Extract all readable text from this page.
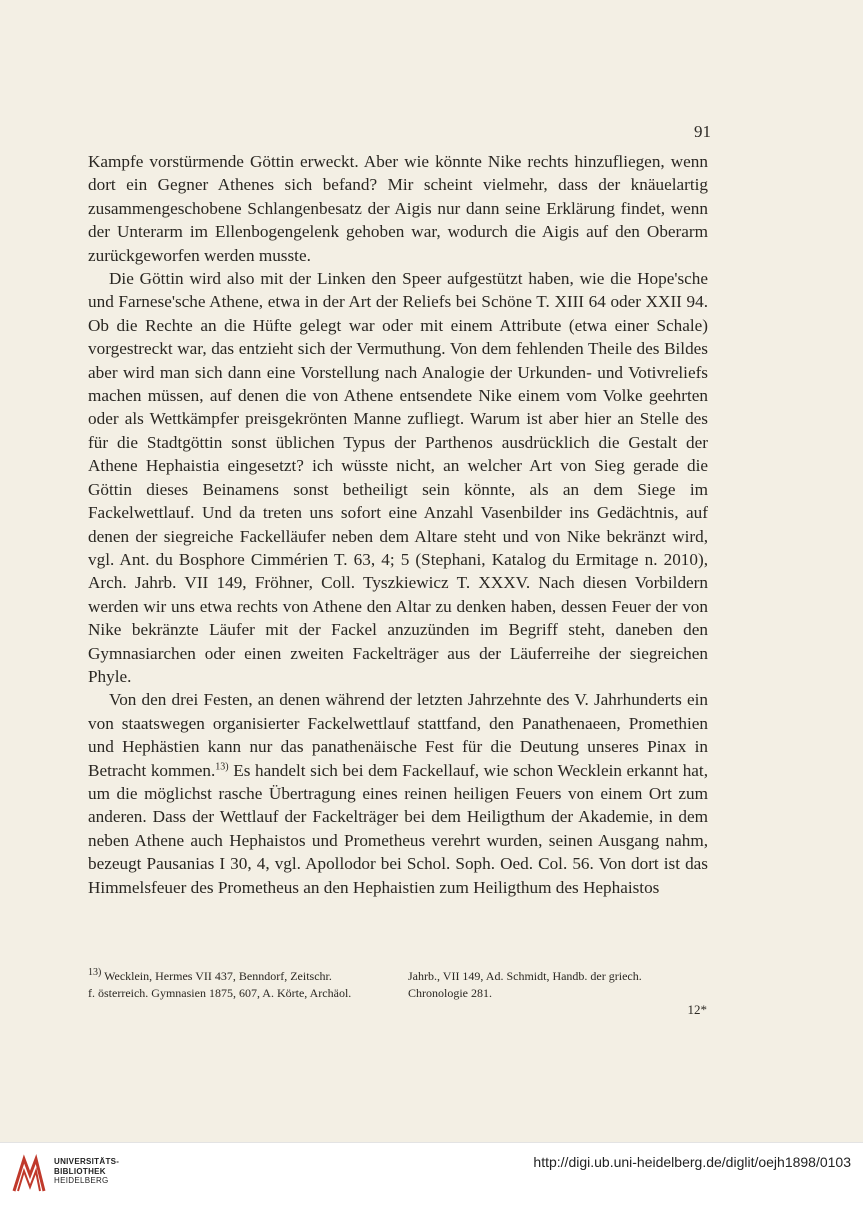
91

Kampfe vorstürmende Göttin erweckt. Aber wie könnte Nike rechts hinzufliegen, wenn dort ein Gegner Athenes sich befand? Mir scheint vielmehr, dass der knäuelartig zusammengeschobene Schlangenbesatz der Aigis nur dann seine Erklärung findet, wenn der Unterarm im Ellenbogengelenk gehoben war, wodurch die Aigis auf den Oberarm zurückgeworfen werden musste.

Die Göttin wird also mit der Linken den Speer aufgestützt haben, wie die Hope'sche und Farnese'sche Athene, etwa in der Art der Reliefs bei Schöne T. XIII 64 oder XXII 94. Ob die Rechte an die Hüfte gelegt war oder mit einem Attribute (etwa einer Schale) vorgestreckt war, das entzieht sich der Vermuthung. Von dem fehlenden Theile des Bildes aber wird man sich dann eine Vorstellung nach Analogie der Urkunden- und Votivreliefs machen müssen, auf denen die von Athene entsendete Nike einem vom Volke geehrten oder als Wettkämpfer preisgekrönten Manne zufliegt. Warum ist aber hier an Stelle des für die Stadtgöttin sonst üblichen Typus der Parthenos ausdrücklich die Gestalt der Athene Hephaistia eingesetzt? ich wüsste nicht, an welcher Art von Sieg gerade die Göttin dieses Beinamens sonst betheiligt sein könnte, als an dem Siege im Fackelwettlauf. Und da treten uns sofort eine Anzahl Vasenbilder ins Gedächtnis, auf denen der siegreiche Fackelläufer neben dem Altare steht und von Nike bekränzt wird, vgl. Ant. du Bosphore Cimmérien T. 63, 4; 5 (Stephani, Katalog du Ermitage n. 2010), Arch. Jahrb. VII 149, Fröhner, Coll. Tyszkiewicz T. XXXV. Nach diesen Vorbildern werden wir uns etwa rechts von Athene den Altar zu denken haben, dessen Feuer der von Nike bekränzte Läufer mit der Fackel anzuzünden im Begriff steht, daneben den Gymnasiarchen oder einen zweiten Fackelträger aus der Läuferreihe der siegreichen Phyle.

Von den drei Festen, an denen während der letzten Jahrzehnte des V. Jahrhunderts ein von staatswegen organisierter Fackelwettlauf stattfand, den Panathenaeen, Promethien und Hephästien kann nur das panathenäische Fest für die Deutung unseres Pinax in Betracht kommen.$^{13)}$ Es handelt sich bei dem Fackellauf, wie schon Wecklein erkannt hat, um die möglichst rasche Übertragung eines reinen heiligen Feuers von einem Ort zum anderen. Dass der Wettlauf der Fackelträger bei dem Heiligthum der Akademie, in dem neben Athene auch Hephaistos und Prometheus verehrt wurden, seinen Ausgang nahm, bezeugt Pausanias I 30, 4, vgl. Apollodor bei Schol. Soph. Oed. Col. 56. Von dort ist das Himmelsfeuer des Prometheus an den Hephaistien zum Heiligthum des Hephaistos

$^{13)}$ Wecklein, Hermes VII 437, Benndorf, Zeitschr.	Jahrb., VII 149, Ad. Schmidt, Handb. der griech.
f. österreich. Gymnasien 1875, 607, A. Körte, Archäol.	Chronologie 281.
12*
UNIVERSITÄTS-
BIBLIOTHEK
HEIDELBERG
http://digi.ub.uni-heidelberg.de/diglit/oejh1898/0103
